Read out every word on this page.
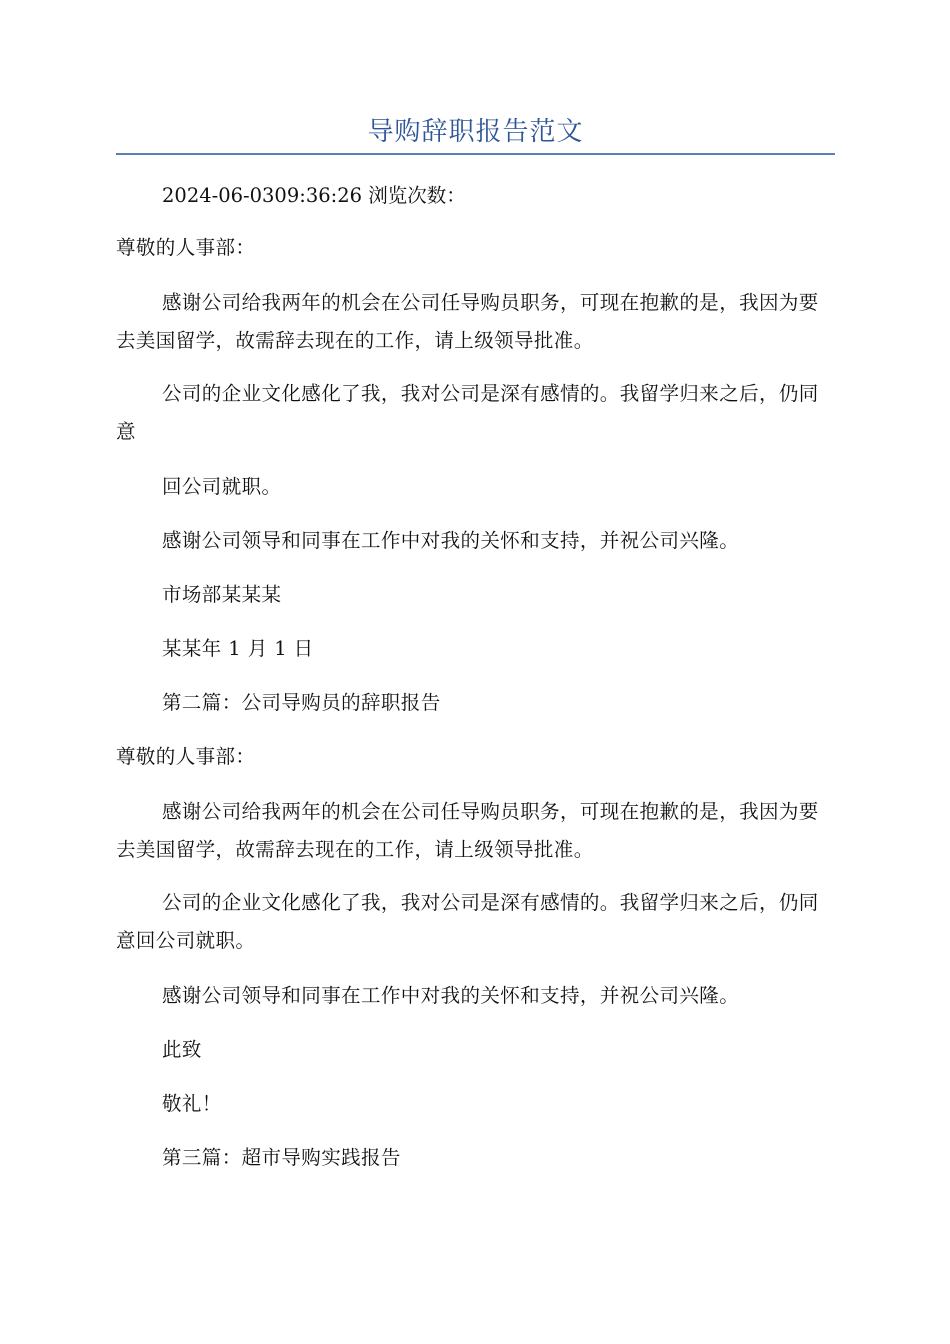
导购辞职报告范文

2024-06-0309:36:26 浏览次数：

尊敬的人事部：

感谢公司给我两年的机会在公司任导购员职务，可现在抱歉的是，我因为要去美国留学，故需辞去现在的工作，请上级领导批准。

公司的企业文化感化了我，我对公司是深有感情的。我留学归来之后，仍同意

回公司就职。

感谢公司领导和同事在工作中对我的关怀和支持，并祝公司兴隆。

市场部某某某

某某年 1 月 1 日

第二篇：公司导购员的辞职报告

尊敬的人事部：

感谢公司给我两年的机会在公司任导购员职务，可现在抱歉的是，我因为要去美国留学，故需辞去现在的工作，请上级领导批准。

公司的企业文化感化了我，我对公司是深有感情的。我留学归来之后，仍同意回公司就职。

感谢公司领导和同事在工作中对我的关怀和支持，并祝公司兴隆。

此致

敬礼！

第三篇：超市导购实践报告
